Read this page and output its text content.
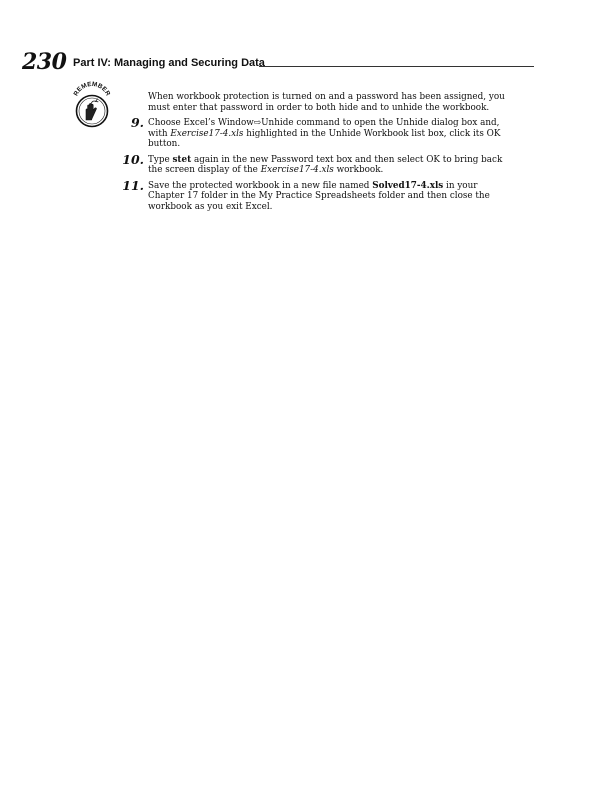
230 Part IV: Managing and Securing Data
REMEMBER	When workbook protection is turned on and a password has been assigned, you must enter that password in order to both hide and to unhide the workbook.

9. Choose Excel’s Window⇨Unhide command to open the Unhide dialog box and, with Exercise17-4.xls highlighted in the Unhide Workbook list box, click its OK button.
10. Type stet again in the new Password text box and then select OK to bring back the screen display of the Exercise17-4.xls workbook.
11. Save the protected workbook in a new file named Solved17-4.xls in your Chapter 17 folder in the My Practice Spreadsheets folder and then close the workbook as you exit Excel.
